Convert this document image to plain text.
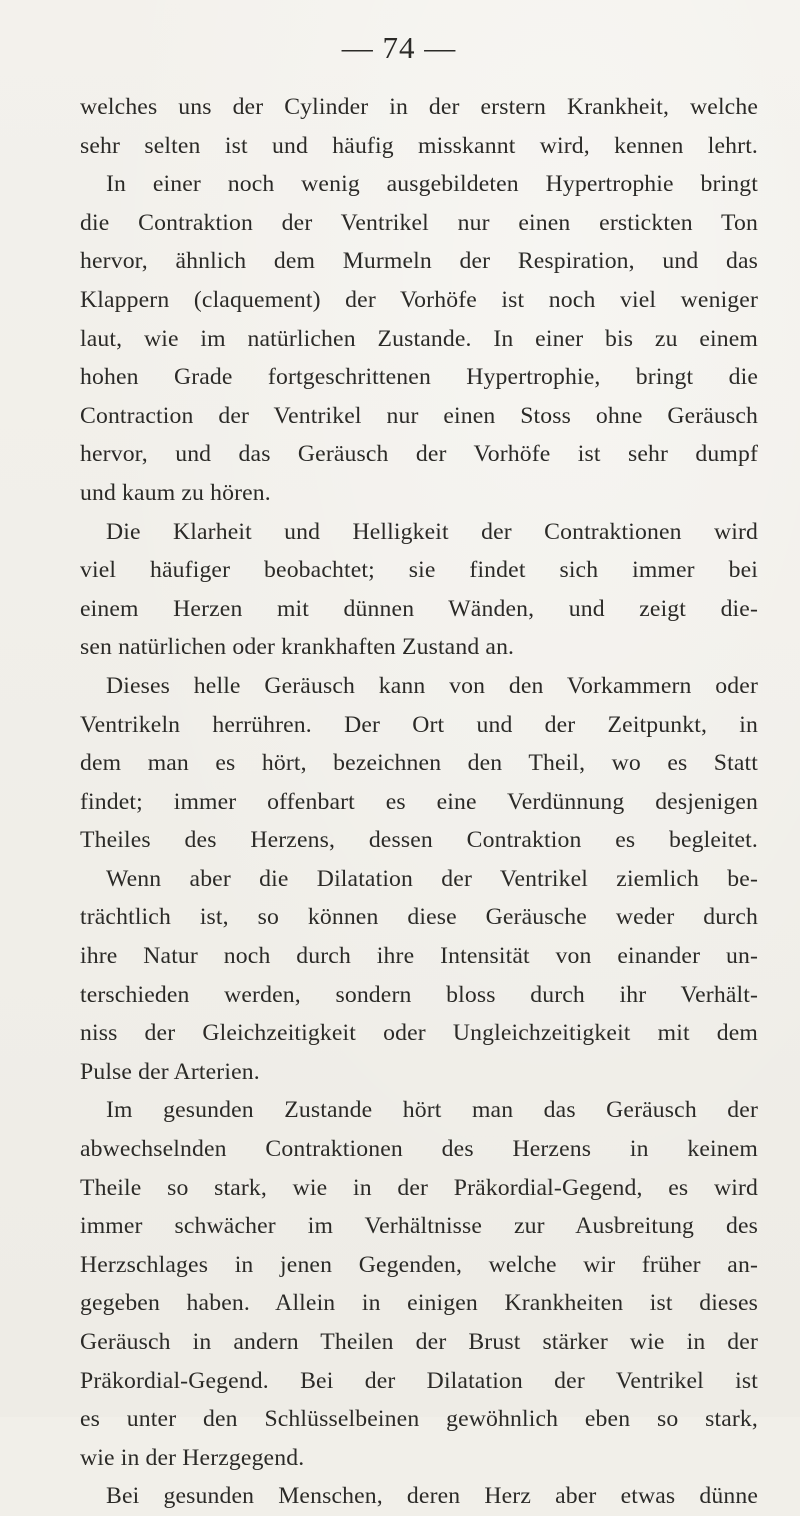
— 74 —
welches uns der Cylinder in der erstern Krankheit, welche
sehr selten ist und häufig misskannt wird, kennen lehrt.
In einer noch wenig ausgebildeten Hypertrophie bringt
die Contraktion der Ventrikel nur einen erstickten Ton
hervor, ähnlich dem Murmeln der Respiration, und das
Klappern (claquement) der Vorhöfe ist noch viel weniger
laut, wie im natürlichen Zustande. In einer bis zu einem
hohen Grade fortgeschrittenen Hypertrophie, bringt die
Contraction der Ventrikel nur einen Stoss ohne Geräusch
hervor, und das Geräusch der Vorhöfe ist sehr dumpf
und kaum zu hören.
Die Klarheit und Helligkeit der Contraktionen wird
viel häufiger beobachtet; sie findet sich immer bei
einem Herzen mit dünnen Wänden, und zeigt die-
sen natürlichen oder krankhaften Zustand an.
Dieses helle Geräusch kann von den Vorkammern oder
Ventrikeln herrühren. Der Ort und der Zeitpunkt, in
dem man es hört, bezeichnen den Theil, wo es Statt
findet; immer offenbart es eine Verdünnung desjenigen
Theiles des Herzens, dessen Contraktion es begleitet.
Wenn aber die Dilatation der Ventrikel ziemlich be-
trächtlich ist, so können diese Geräusche weder durch
ihre Natur noch durch ihre Intensität von einander un-
terschieden werden, sondern bloss durch ihr Verhält-
niss der Gleichzeitigkeit oder Ungleichzeitigkeit mit dem
Pulse der Arterien.
Im gesunden Zustande hört man das Geräusch der
abwechselnden Contraktionen des Herzens in keinem
Theile so stark, wie in der Präkordial-Gegend, es wird
immer schwächer im Verhältnisse zur Ausbreitung des
Herzschlages in jenen Gegenden, welche wir früher an-
gegeben haben. Allein in einigen Krankheiten ist dieses
Geräusch in andern Theilen der Brust stärker wie in der
Präkordial-Gegend. Bei der Dilatation der Ventrikel ist
es unter den Schlüsselbeinen gewöhnlich eben so stark,
wie in der Herzgegend.
Bei gesunden Menschen, deren Herz aber etwas dünne
